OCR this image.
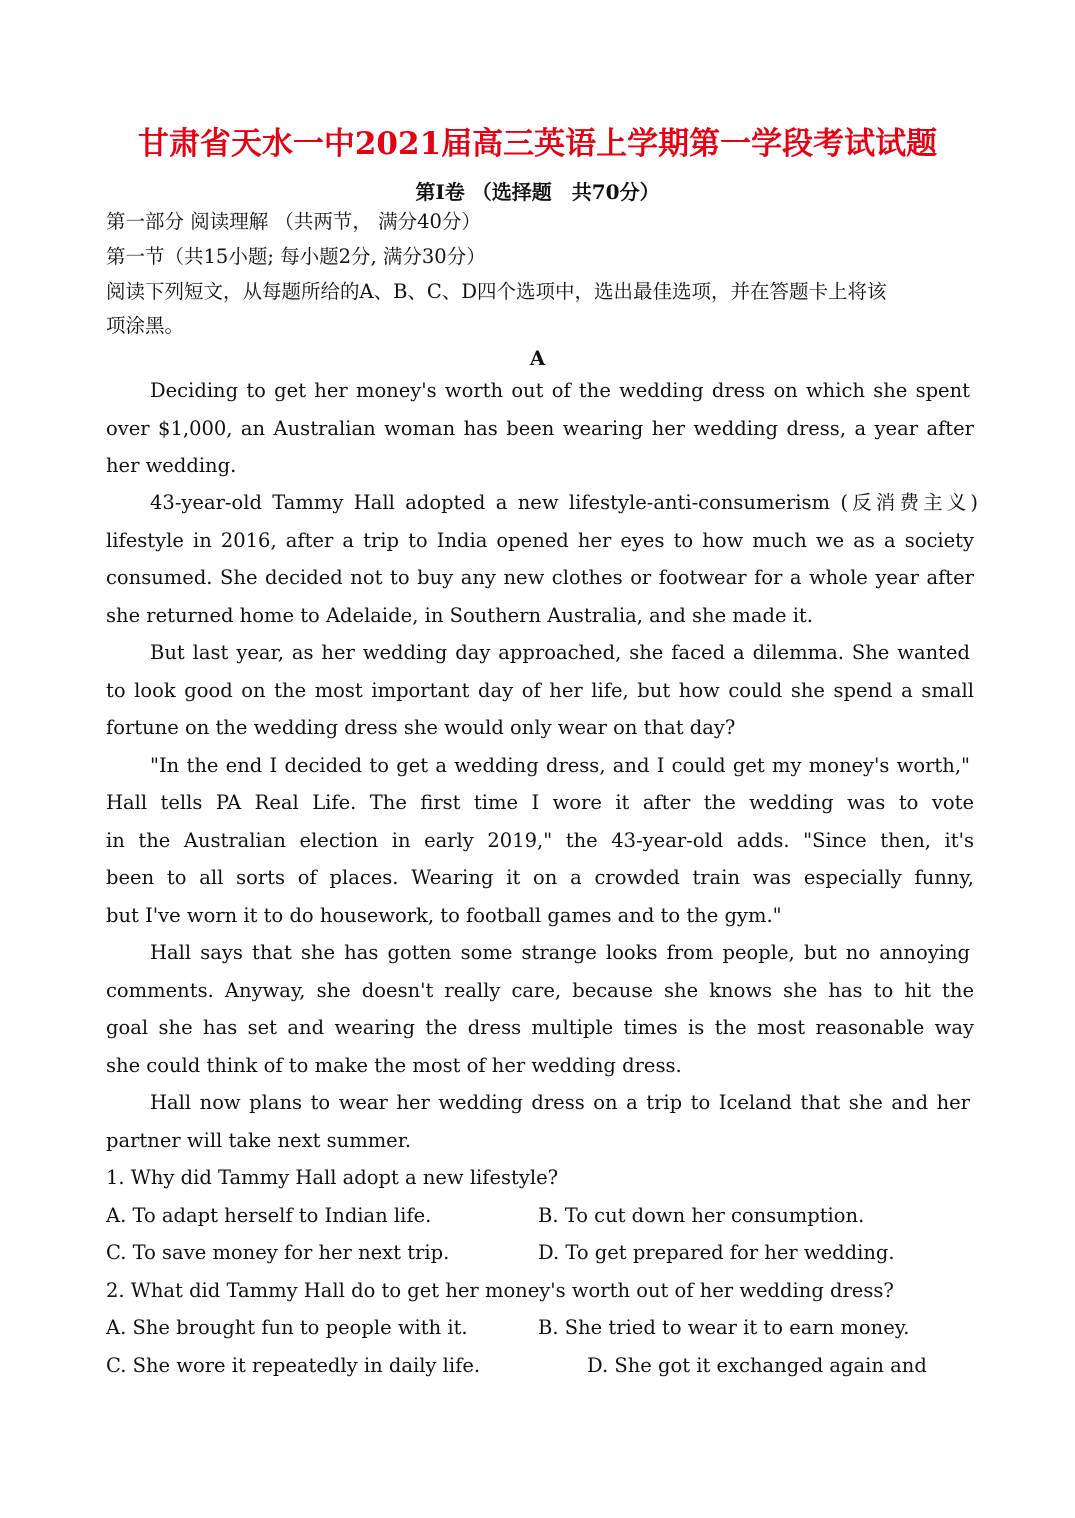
甘肃省天水一中2021届高三英语上学期第一学段考试试题
第Ⅰ卷 （选择题　共70分）
第一部分 阅读理解 （共两节， 满分40分）
第一节（共15小题; 每小题2分, 满分30分）
阅读下列短文，从每题所给的A、B、C、D四个选项中，选出最佳选项，并在答题卡上将该
项涂黑。
A
Deciding to get her money's worth out of the wedding dress on which she spent
over $1,000, an Australian woman has been wearing her wedding dress, a year after
her wedding.
43-year-old Tammy Hall adopted a new lifestyle-anti-consumerism (反消费主义)
lifestyle in 2016, after a trip to India opened her eyes to how much we as a society
consumed. She decided not to buy any new clothes or footwear for a whole year after
she returned home to Adelaide, in Southern Australia, and she made it.
But last year, as her wedding day approached, she faced a dilemma. She wanted
to look good on the most important day of her life, but how could she spend a small
fortune on the wedding dress she would only wear on that day?
"In the end I decided to get a wedding dress, and I could get my money's worth,"
Hall tells PA Real Life. The first time I wore it after the wedding was to vote
in the Australian election in early 2019," the 43-year-old adds. "Since then, it's
been to all sorts of places. Wearing it on a crowded train was especially funny,
but I've worn it to do housework, to football games and to the gym."
Hall says that she has gotten some strange looks from people, but no annoying
comments. Anyway, she doesn't really care, because she knows she has to hit the
goal she has set and wearing the dress multiple times is the most reasonable way
she could think of to make the most of her wedding dress.
Hall now plans to wear her wedding dress on a trip to Iceland that she and her
partner will take next summer.
1. Why did Tammy Hall adopt a new lifestyle?
A. To adapt herself to Indian life.	B. To cut down her consumption.
C. To save money for her next trip.	D. To get prepared for her wedding.
2. What did Tammy Hall do to get her money's worth out of her wedding dress?
A. She brought fun to people with it.	B. She tried to wear it to earn money.
C. She wore it repeatedly in daily life.	D. She got it exchanged again and
